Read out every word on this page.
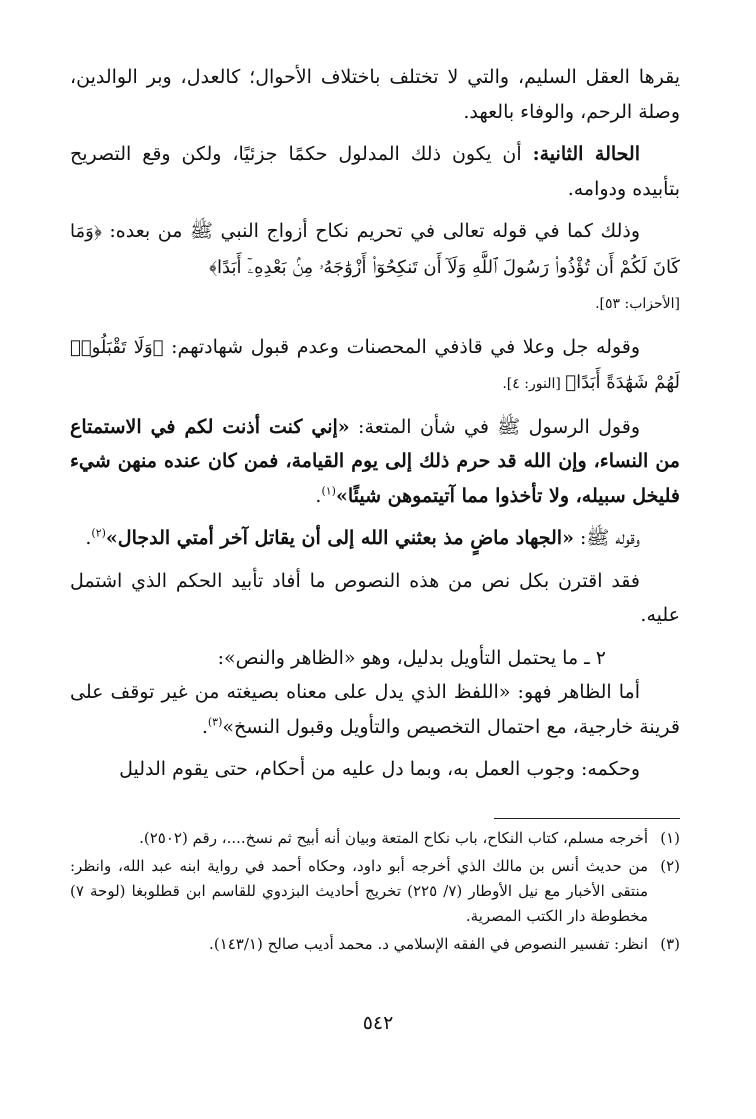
يقرها العقل السليم، والتي لا تختلف باختلاف الأحوال؛ كالعدل، وبر الوالدين، وصلة الرحم، والوفاء بالعهد.

الحالة الثانية: أن يكون ذلك المدلول حكمًا جزئيًا، ولكن وقع التصريح بتأبيده ودوامه.

وذلك كما في قوله تعالى في تحريم نكاح أزواج النبي ﷺ من بعده: ﴿وَمَا كَانَ لَكُمْ أَن تُؤْذُوا۟ رَسُولَ ٱللَّهِ وَلَآ أَن تَنكِحُوٓا۟ أَزْوَٰجَهُۥ مِنۢ بَعْدِهِۦٓ أَبَدًا﴾
[الأحزاب: ٥٣].

وقوله جل وعلا في قاذفي المحصنات وعدم قبول شهادتهم: ﴿وَلَا تَقْبَلُوا۟ لَهُمْ شَهَٰدَةً أَبَدًا﴾ [النور: ٤].

وقول الرسول ﷺ في شأن المتعة: «إني كنت أذنت لكم في الاستمتاع من النساء، وإن الله قد حرم ذلك إلى يوم القيامة، فمن كان عنده منهن شيء فليخل سبيله، ولا تأخذوا مما آتيتموهن شيئًا»$^{(١)}$.

وقوله ﷺ: «الجهاد ماضٍ مذ بعثني الله إلى أن يقاتل آخر أمتي الدجال»$^{(٢)}$.

فقد اقترن بكل نص من هذه النصوص ما أفاد تأبيد الحكم الذي اشتمل عليه.

٢ ـ ما يحتمل التأويل بدليل، وهو «الظاهر والنص»:

أما الظاهر فهو: «اللفظ الذي يدل على معناه بصيغته من غير توقف على قرينة خارجية، مع احتمال التخصيص والتأويل وقبول النسخ»$^{(٣)}$.

وحكمه: وجوب العمل به، وبما دل عليه من أحكام، حتى يقوم الدليل

(١)
أخرجه مسلم، كتاب النكاح، باب نكاح المتعة وبيان أنه أبيح ثم نسخ....، رقم (٢٥٠٢).
(٢)
من حديث أنس بن مالك الذي أخرجه أبو داود، وحكاه أحمد في رواية ابنه عبد الله، وانظر: منتقى الأخبار مع نيل الأوطار (٧/ ٢٢٥) تخريج أحاديث البزدوي للقاسم ابن قطلوبغا (لوحة ٧) مخطوطة دار الكتب المصرية.
(٣)
انظر: تفسير النصوص في الفقه الإسلامي د. محمد أديب صالح (١٤٣/١).
٥٤٢
